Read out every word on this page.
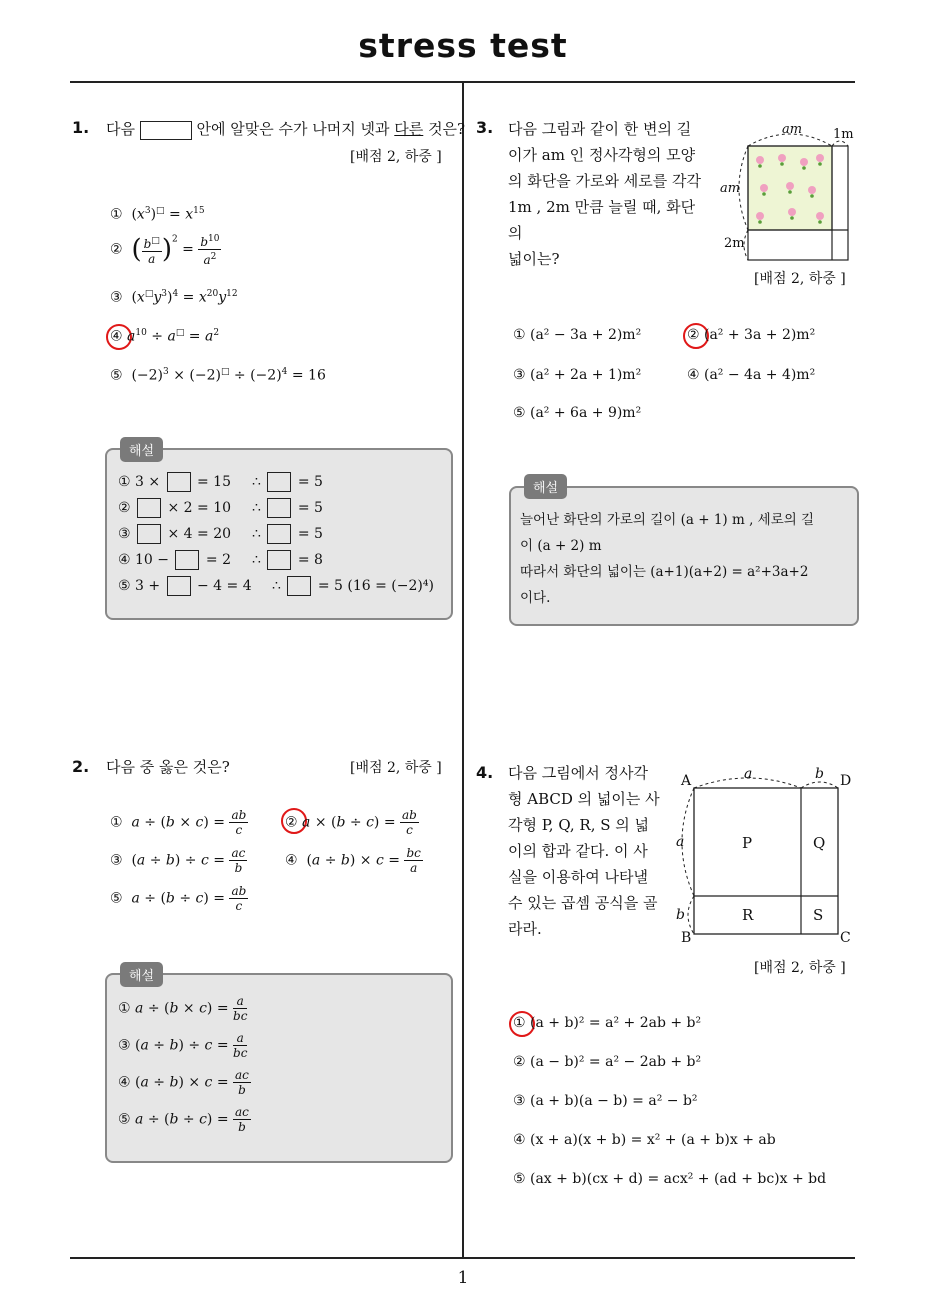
stress test
1
1. 다음	안에 알맞은 수가 나머지 넷과 다른 것은?
[배점 2, 하중 ]
①  $(x^3)^□ = x^{15}$
②  ( $\frac{b^□}{a} )^2 = \frac{b^{10}}{a^2}$
③  $(x^□y^3)^4 = x^{20}y^{12}$
④ $a^{10} \div a^□ = a^2$
⑤  $(-2)^3 \times (-2)^□ \div (-2)^4 = 16$
해설
① 3 ×	= 15 ∴	= 5
②	× 2 = 10 ∴	= 5
③	× 4 = 20 ∴	= 5
④ 10 −	= 2 ∴	= 8
⑤ 3 +	− 4 = 4 ∴	= 5 (16 = (−2)⁴)
2. 다음 중 옳은 것은?	[배점 2, 하중 ]
①  $a \div (b \times c) = \frac{ab}{c}$	② $a \times (b \div c) = \frac{ab}{c}$
③  $(a \div b) \div c = \frac{ac}{b}$	④  $(a \div b) \times c = \frac{bc}{a}$
⑤  $a \div (b \div c) = \frac{ab}{c}$
해설
① $a \div (b \times c) = \frac{a}{bc}$
③ $(a \div b) \div c = \frac{a}{bc}$
④ $(a \div b) \times c = \frac{ac}{b}$
⑤ $a \div (b \div c) = \frac{ac}{b}$
3. 다음 그림과 같이 한 변의 길
이가 am 인 정사각형의 모양
의 화단을 가로와 세로를 각각
1m , 2m 만큼 늘릴 때, 화단의
넓이는?
am 1m
am
2m
[배점 2, 하중 ]
① (a² − 3a + 2)m²	② (a² + 3a + 2)m²
③ (a² + 2a + 1)m²	④ (a² − 4a + 4)m²
⑤ (a² + 6a + 9)m²
해설
늘어난 화단의 가로의 길이 (a + 1) m , 세로의 길
이 (a + 2) m
따라서 화단의 넓이는 (a+1)(a+2) = a²+3a+2
이다.
4. 다음 그림에서 정사각
형 ABCD 의 넓이는 사
각형 P, Q, R, S 의 넓
이의 합과 같다. 이 사
실을 이용하여 나타낼
수 있는 곱셈 공식을 골
라라.
A	D
B	C
a	b
a
b
P	Q
R	S
[배점 2, 하중 ]
① (a + b)² = a² + 2ab + b²
② (a − b)² = a² − 2ab + b²
③ (a + b)(a − b) = a² − b²
④ (x + a)(x + b) = x² + (a + b)x + ab
⑤ (ax + b)(cx + d) = acx² + (ad + bc)x + bd
